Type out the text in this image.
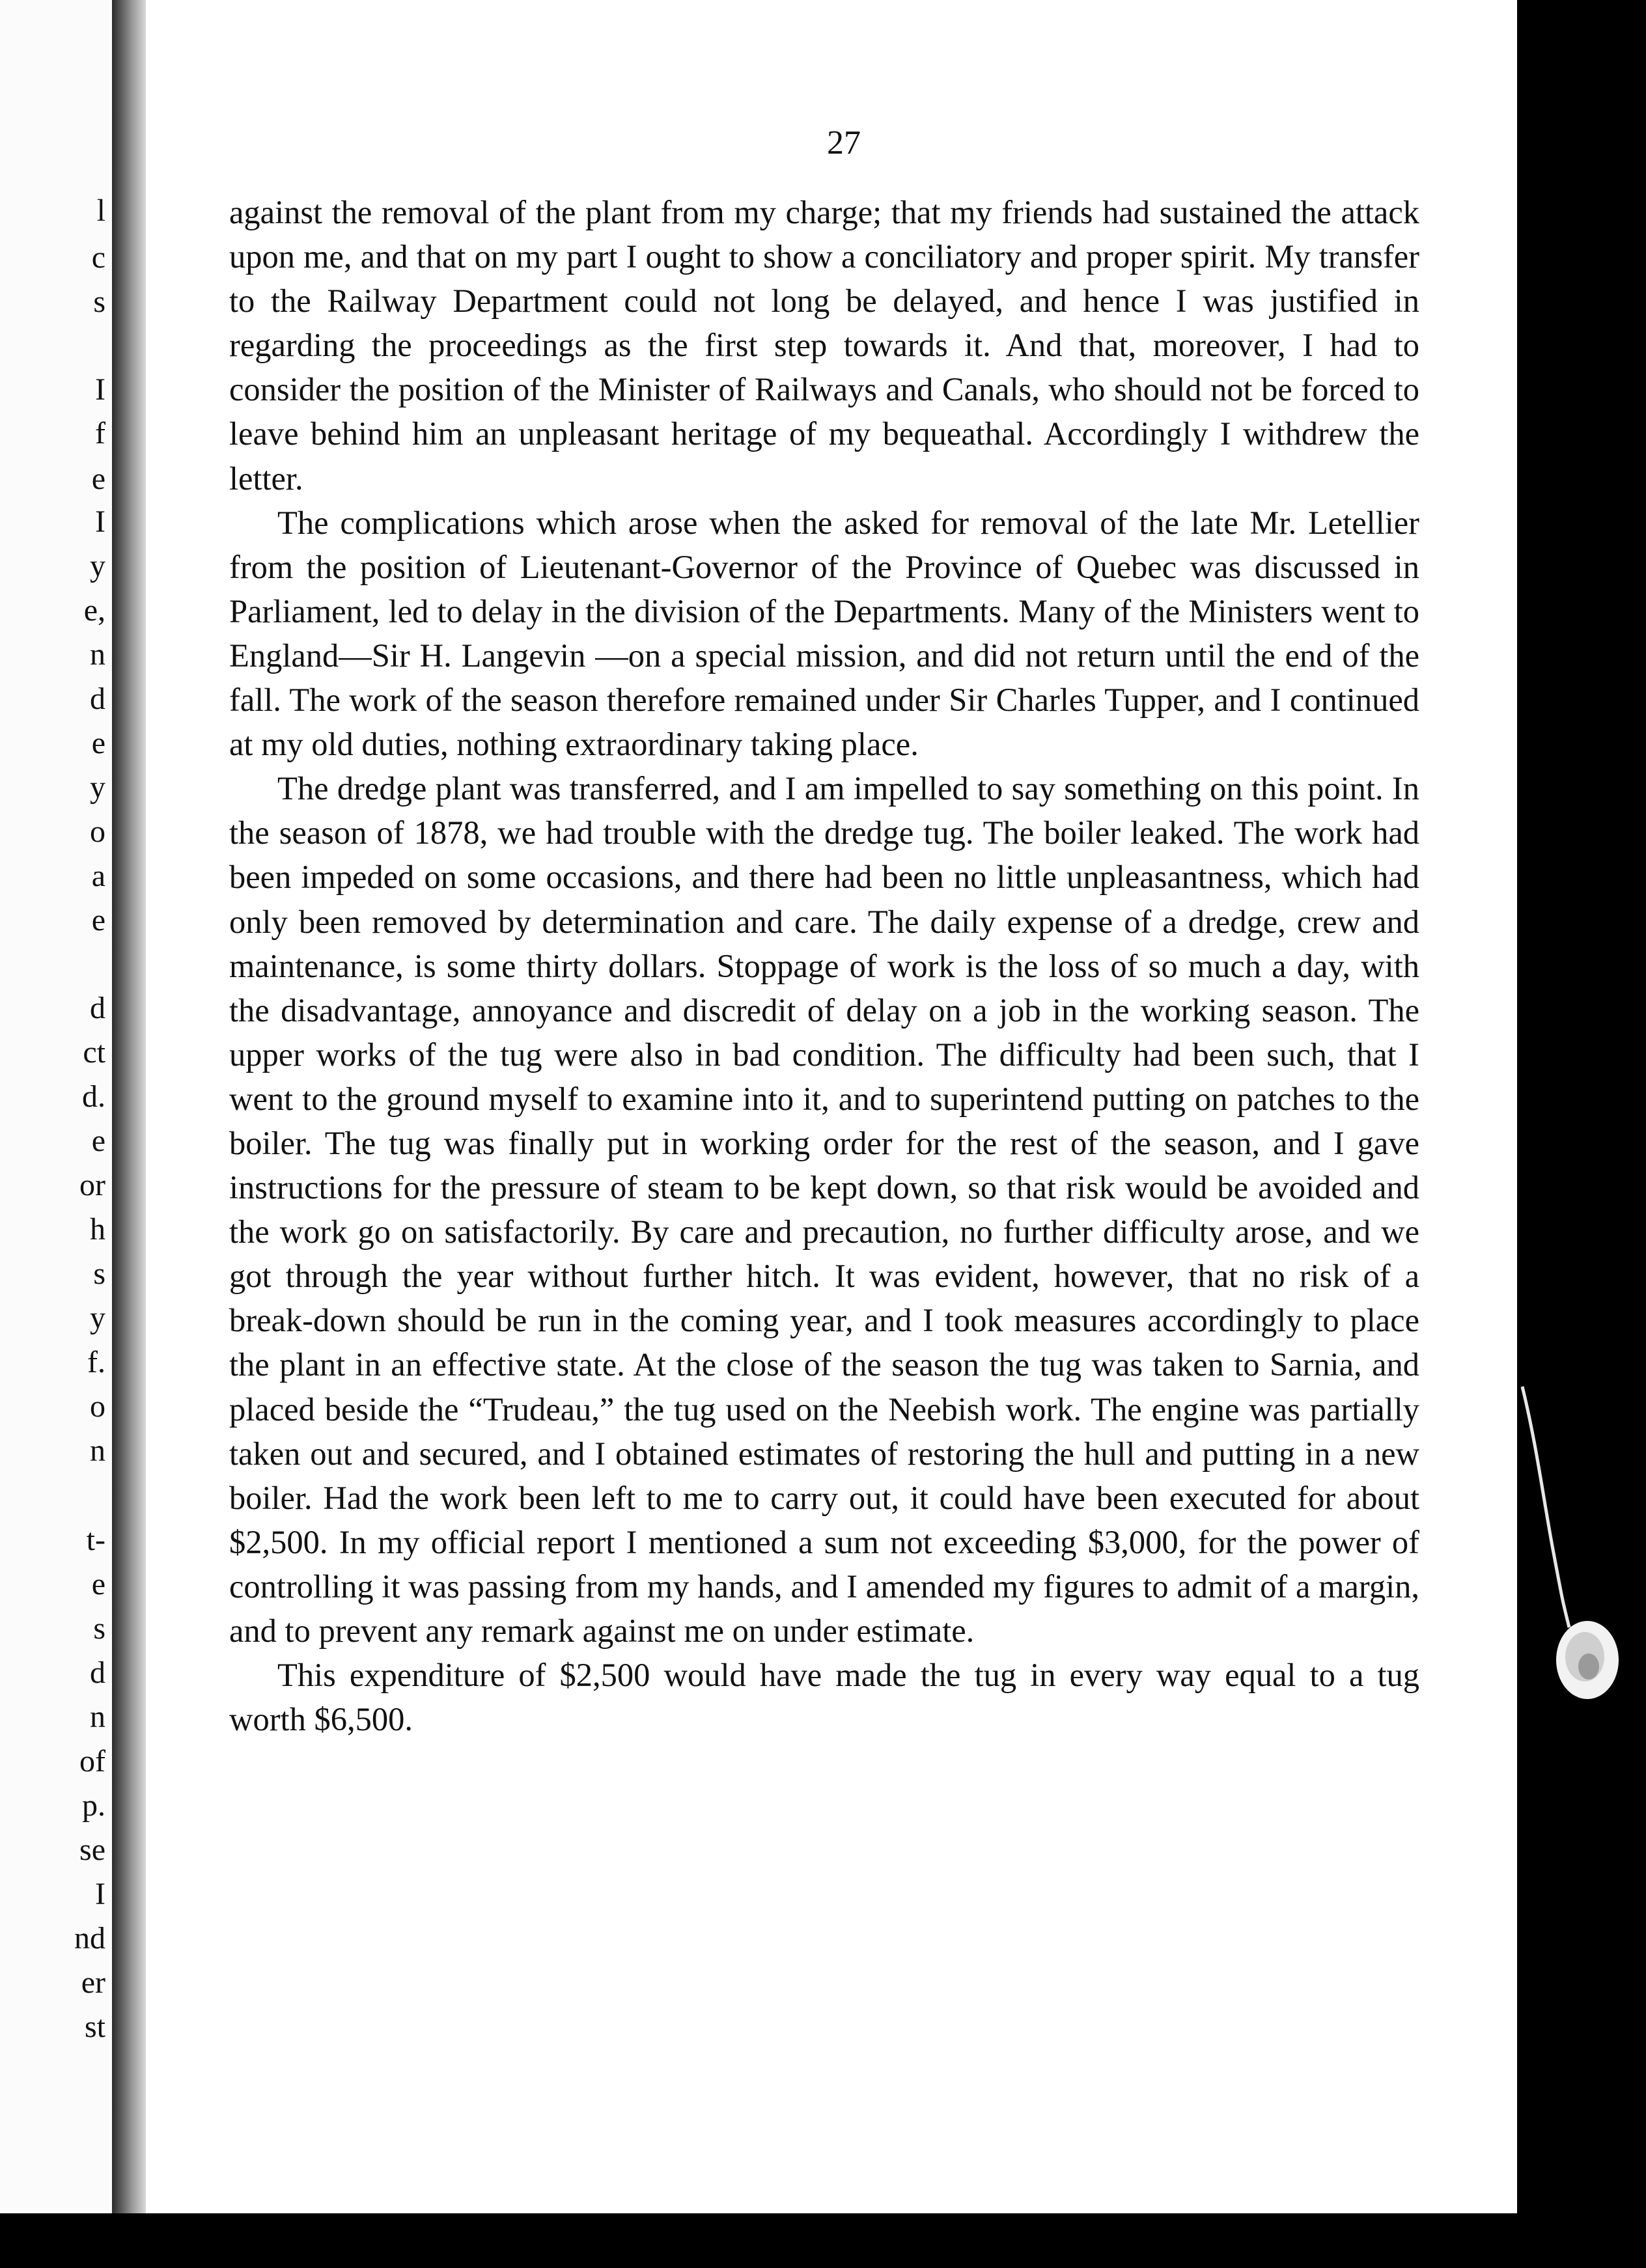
l
c
s
I
f
e
I
y
e,
n
d
e
y
o
a
e
d
ct
d.
e
or
h
s
y
f.
o
n
t-
e
s
d
n
of
p.
se
I
nd
er
st
27

against the removal of the plant from my charge; that my friends had sustained the attack upon me, and that on my part I ought to show a conciliatory and proper spirit. My transfer to the Railway Department could not long be delayed, and hence I was justified in regarding the proceedings as the first step towards it. And that, moreover, I had to consider the position of the Minister of Railways and Canals, who should not be forced to leave behind him an unpleasant heritage of my bequeathal. Accordingly I withdrew the letter.

The complications which arose when the asked for removal of the late Mr. Letellier from the position of Lieutenant-Governor of the Province of Quebec was discussed in Parliament, led to delay in the division of the Departments. Many of the Ministers went to England—Sir H. Langevin —on a special mission, and did not return until the end of the fall. The work of the season therefore remained under Sir Charles Tupper, and I continued at my old duties, nothing extraordinary taking place.

The dredge plant was transferred, and I am impelled to say something on this point. In the season of 1878, we had trouble with the dredge tug. The boiler leaked. The work had been impeded on some occasions, and there had been no little unpleasantness, which had only been removed by determination and care. The daily expense of a dredge, crew and maintenance, is some thirty dollars. Stoppage of work is the loss of so much a day, with the disadvantage, annoyance and discredit of delay on a job in the working season. The upper works of the tug were also in bad condition. The difficulty had been such, that I went to the ground myself to examine into it, and to superintend putting on patches to the boiler. The tug was finally put in working order for the rest of the season, and I gave instructions for the pressure of steam to be kept down, so that risk would be avoided and the work go on satisfactorily. By care and precaution, no further difficulty arose, and we got through the year without further hitch. It was evident, however, that no risk of a break-down should be run in the coming year, and I took measures accordingly to place the plant in an effective state. At the close of the season the tug was taken to Sarnia, and placed beside the “Trudeau,” the tug used on the Neebish work. The engine was partially taken out and secured, and I obtained estimates of restoring the hull and putting in a new boiler. Had the work been left to me to carry out, it could have been executed for about $2,500. In my official report I mentioned a sum not exceeding $3,000, for the power of controlling it was passing from my hands, and I amended my figures to admit of a margin, and to prevent any remark against me on under estimate.

This expenditure of $2,500 would have made the tug in every way equal to a tug worth $6,500.
